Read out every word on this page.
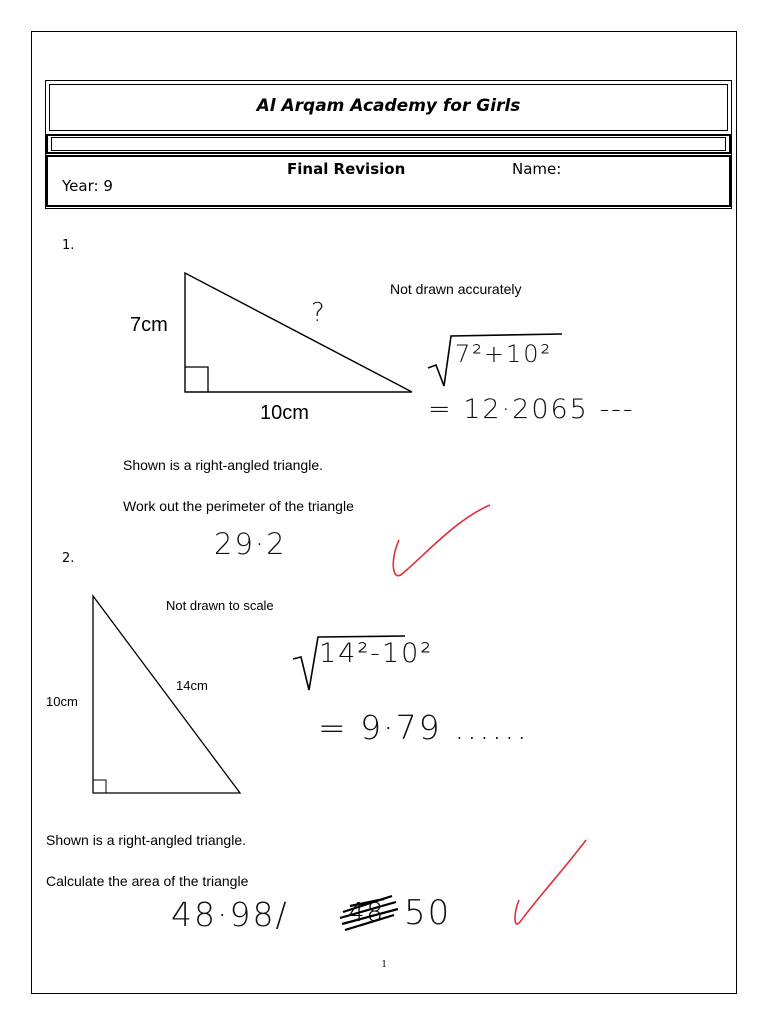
Al Arqam Academy for Girls
Final Revision	Name:
Year: 9
1.
Not drawn accurately
7cm
10cm
?
7²+10²
= 12·2065 ---
Shown is a right-angled triangle.
Work out the perimeter of the triangle
29·2
2.
Not drawn to scale
10cm
14cm
14²-10²
= 9·79 ......
Shown is a right-angled triangle.
Calculate the area of the triangle
48·98/ 48 50
1
